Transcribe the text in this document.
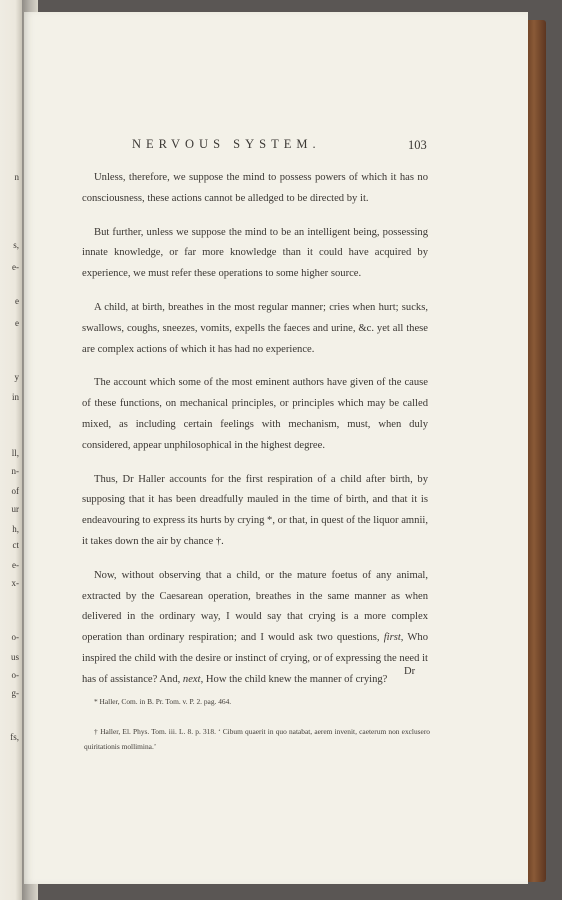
n
s,
e-
e
e
y
in
ll,
n-
of
ur
h,
ct
e-
x-
o-
us
o-
g-
fs,
NERVOUS SYSTEM.	103

Unless, therefore, we suppose the mind to possess powers of which it has no consciousness, these actions cannot be alledged to be directed by it.

But further, unless we suppose the mind to be an intelligent being, possessing innate knowledge, or far more knowledge than it could have acquired by experience, we must refer these operations to some higher source.

A child, at birth, breathes in the most regular manner; cries when hurt; sucks, swallows, coughs, sneezes, vomits, expells the faeces and urine, &c. yet all these are complex actions of which it has had no experience.

The account which some of the most eminent authors have given of the cause of these functions, on mechanical principles, or principles which may be called mixed, as including certain feelings with mechanism, must, when duly considered, appear unphilosophical in the highest degree.

Thus, Dr Haller accounts for the first respiration of a child after birth, by supposing that it has been dreadfully mauled in the time of birth, and that it is endeavouring to express its hurts by crying *, or that, in quest of the liquor amnii, it takes down the air by chance †.

Now, without observing that a child, or the mature foetus of any animal, extracted by the Caesarean operation, breathes in the same manner as when delivered in the ordinary way, I would say that crying is a more complex operation than ordinary respiration; and I would ask two questions, first, Who inspired the child with the desire or instinct of crying, or of expressing the need it has of assistance? And, next, How the child knew the manner of crying?

Dr
* Haller, Com. in B. Pr. Tom. v. P. 2. pag. 464.
† Haller, El. Phys. Tom. iii. L. 8. p. 318. ‘ Cibum quaerit in quo natabat, aerem invenit, caeterum non exclusero quiritationis mollimina.’
